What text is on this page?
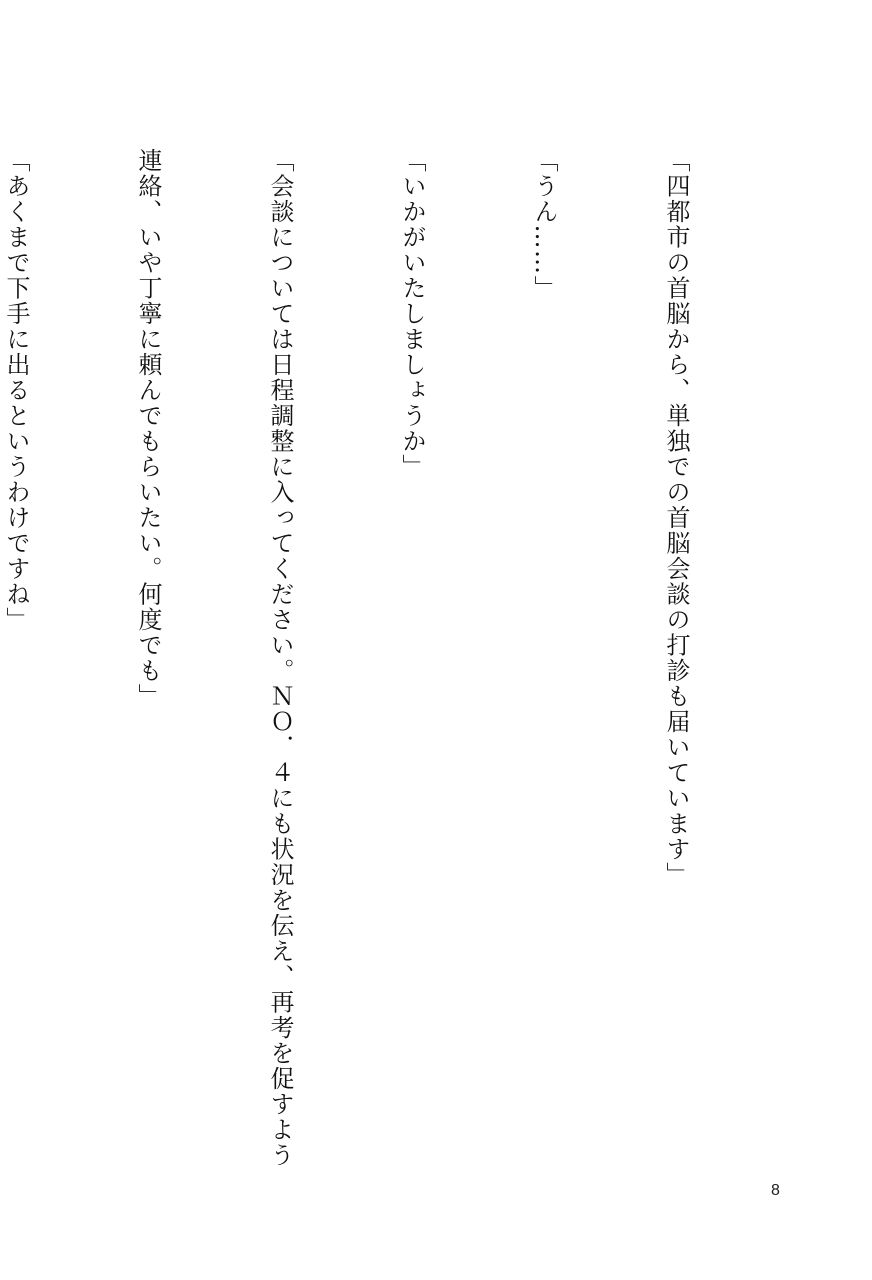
「四都市の首脳から、単独での首脳会談の打診も届いています」

「うん……」

「いかがいたしましょうか」

「会談については日程調整に入ってください。ＮＯ．４にも状況を伝え、再考を促すよう

連絡、いや丁寧に頼んでもらいたい。何度でも」

「あくまで下手に出るというわけですね」

8
